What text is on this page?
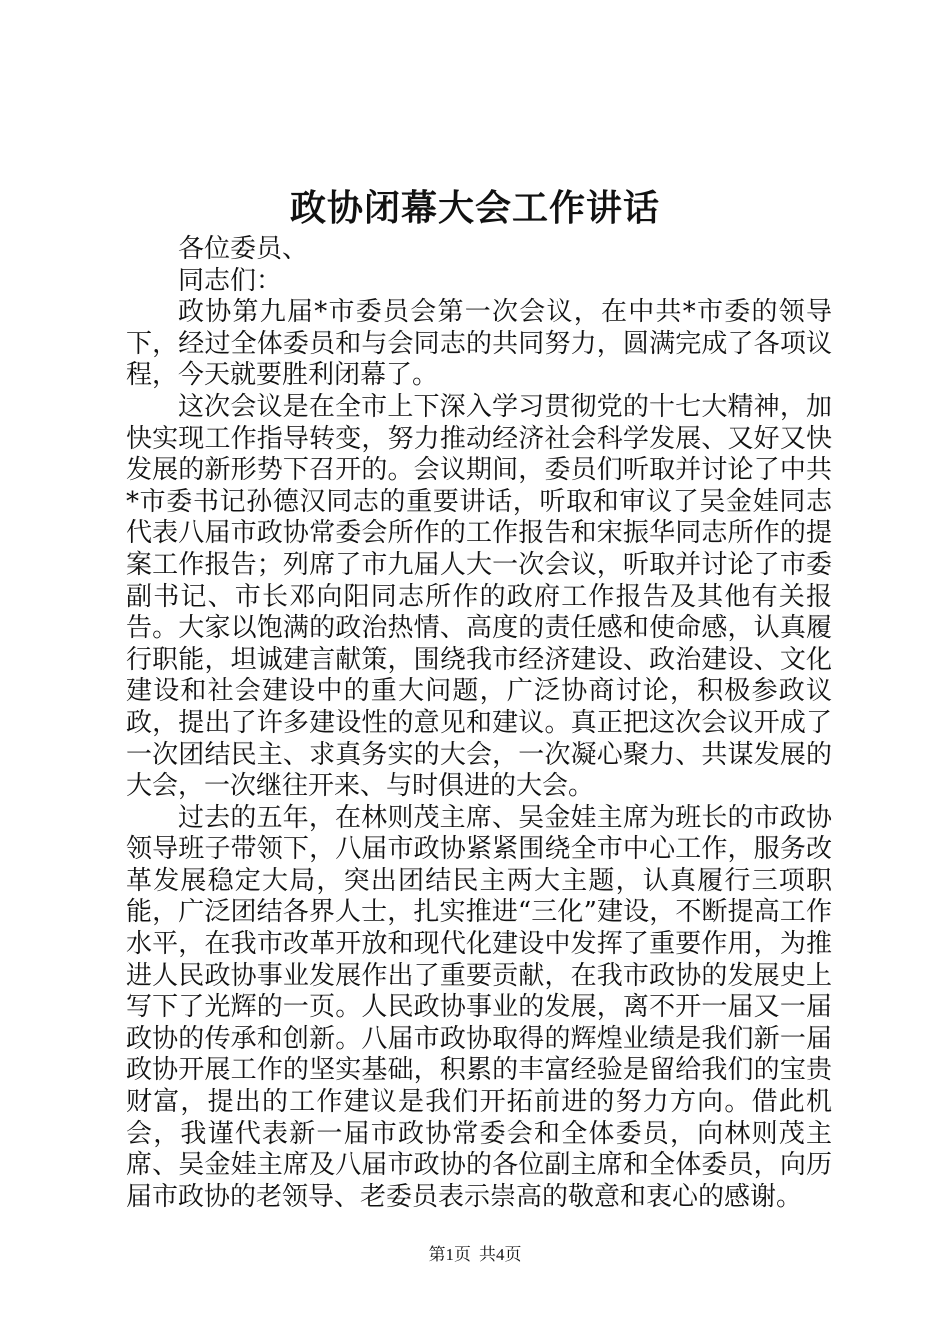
政协闭幕大会工作讲话

各位委员、

同志们：

政协第九届*市委员会第一次会议，在中共*市委的领导下，经过全体委员和与会同志的共同努力，圆满完成了各项议程，今天就要胜利闭幕了。

这次会议是在全市上下深入学习贯彻党的十七大精神，加快实现工作指导转变，努力推动经济社会科学发展、又好又快发展的新形势下召开的。会议期间，委员们听取并讨论了中共*市委书记孙德汉同志的重要讲话，听取和审议了吴金娃同志代表八届市政协常委会所作的工作报告和宋振华同志所作的提案工作报告；列席了市九届人大一次会议，听取并讨论了市委副书记、市长邓向阳同志所作的政府工作报告及其他有关报告。大家以饱满的政治热情、高度的责任感和使命感，认真履行职能，坦诚建言献策，围绕我市经济建设、政治建设、文化建设和社会建设中的重大问题，广泛协商讨论，积极参政议政，提出了许多建设性的意见和建议。真正把这次会议开成了一次团结民主、求真务实的大会，一次凝心聚力、共谋发展的大会，一次继往开来、与时俱进的大会。

过去的五年，在林则茂主席、吴金娃主席为班长的市政协领导班子带领下，八届市政协紧紧围绕全市中心工作，服务改革发展稳定大局，突出团结民主两大主题，认真履行三项职能，广泛团结各界人士，扎实推进“三化”建设，不断提高工作水平，在我市改革开放和现代化建设中发挥了重要作用，为推进人民政协事业发展作出了重要贡献，在我市政协的发展史上写下了光辉的一页。人民政协事业的发展，离不开一届又一届政协的传承和创新。八届市政协取得的辉煌业绩是我们新一届政协开展工作的坚实基础，积累的丰富经验是留给我们的宝贵财富，提出的工作建议是我们开拓前进的努力方向。借此机会，我谨代表新一届市政协常委会和全体委员，向林则茂主席、吴金娃主席及八届市政协的各位副主席和全体委员，向历届市政协的老领导、老委员表示崇高的敬意和衷心的感谢。

第1页 共4页
